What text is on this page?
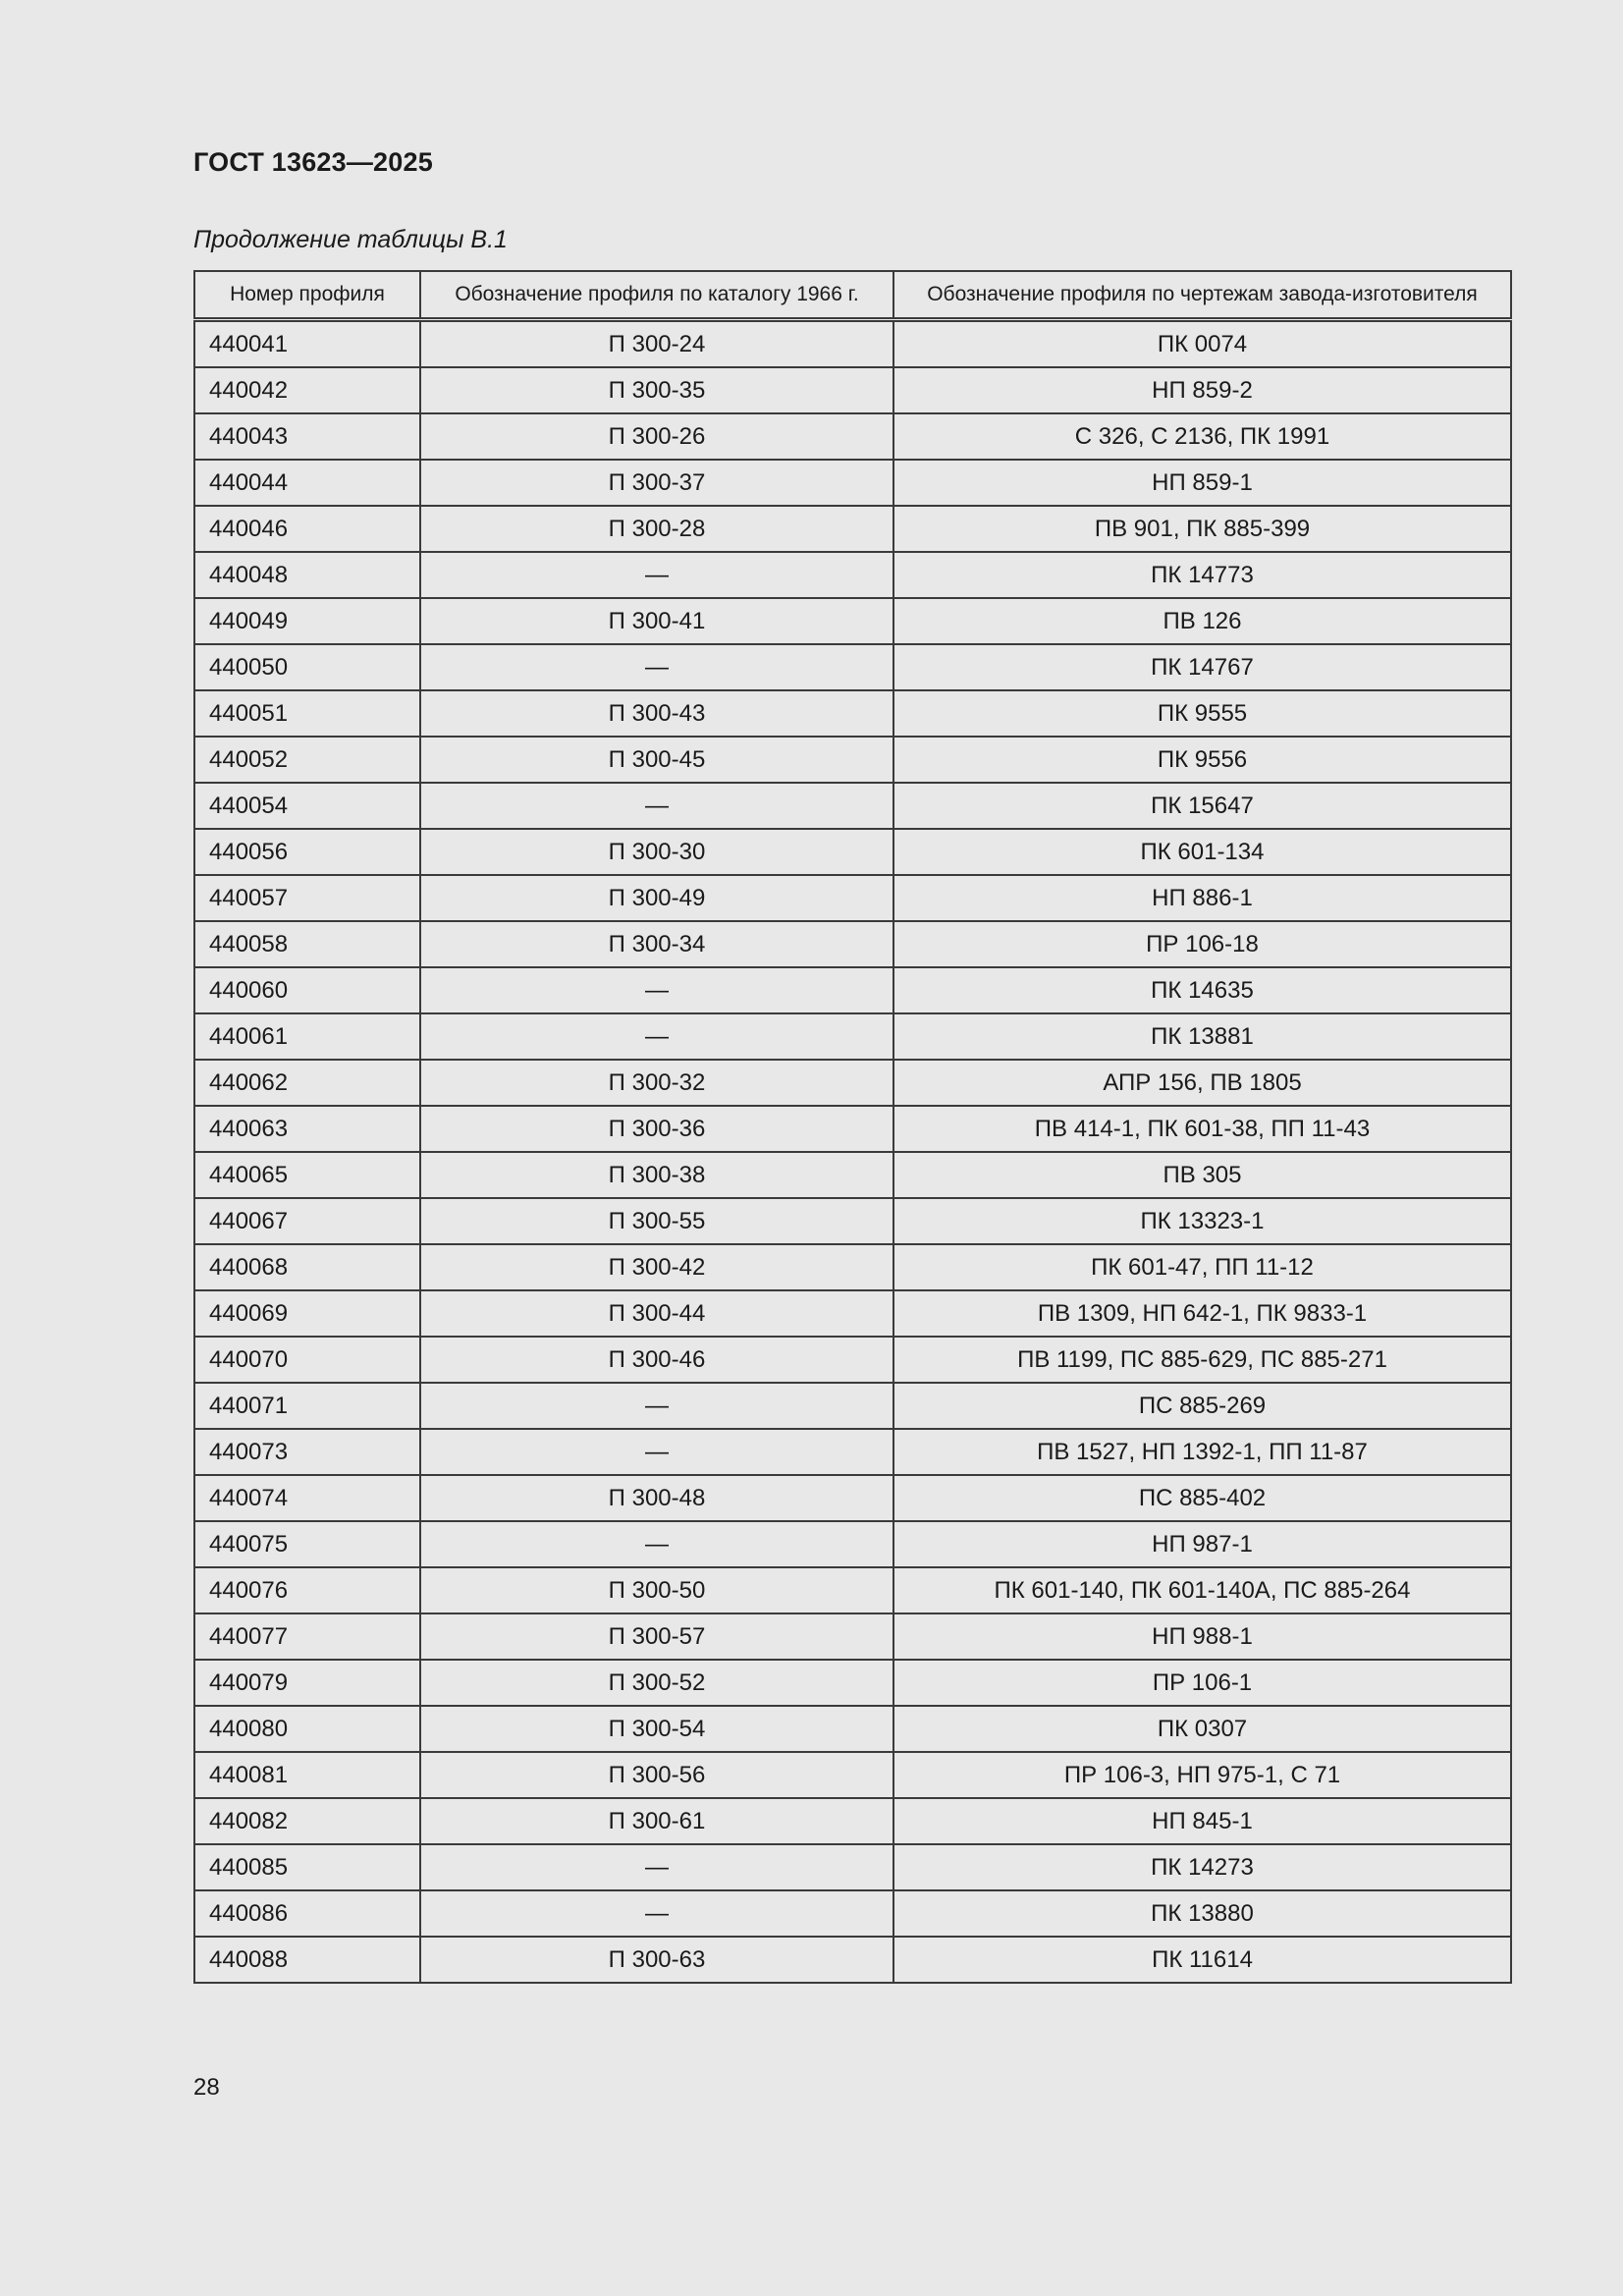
ГОСТ 13623—2025
Продолжение таблицы В.1
Номер профиля	Обозначение профиля по каталогу 1966 г.	Обозначение профиля по чертежам завода-изготовителя
440041	П 300-24	ПК 0074
440042	П 300-35	НП 859-2
440043	П 300-26	С 326, С 2136, ПК 1991
440044	П 300-37	НП 859-1
440046	П 300-28	ПВ 901, ПК 885-399
440048	—	ПК 14773
440049	П 300-41	ПВ 126
440050	—	ПК 14767
440051	П 300-43	ПК 9555
440052	П 300-45	ПК 9556
440054	—	ПК 15647
440056	П 300-30	ПК 601-134
440057	П 300-49	НП 886-1
440058	П 300-34	ПР 106-18
440060	—	ПК 14635
440061	—	ПК 13881
440062	П 300-32	АПР 156, ПВ 1805
440063	П 300-36	ПВ 414-1, ПК 601-38, ПП 11-43
440065	П 300-38	ПВ 305
440067	П 300-55	ПК 13323-1
440068	П 300-42	ПК 601-47, ПП 11-12
440069	П 300-44	ПВ 1309, НП 642-1, ПК 9833-1
440070	П 300-46	ПВ 1199, ПС 885-629, ПС 885-271
440071	—	ПС 885-269
440073	—	ПВ 1527, НП 1392-1, ПП 11-87
440074	П 300-48	ПС 885-402
440075	—	НП 987-1
440076	П 300-50	ПК 601-140, ПК 601-140А, ПС 885-264
440077	П 300-57	НП 988-1
440079	П 300-52	ПР 106-1
440080	П 300-54	ПК 0307
440081	П 300-56	ПР 106-3, НП 975-1, С 71
440082	П 300-61	НП 845-1
440085	—	ПК 14273
440086	—	ПК 13880
440088	П 300-63	ПК 11614
28
